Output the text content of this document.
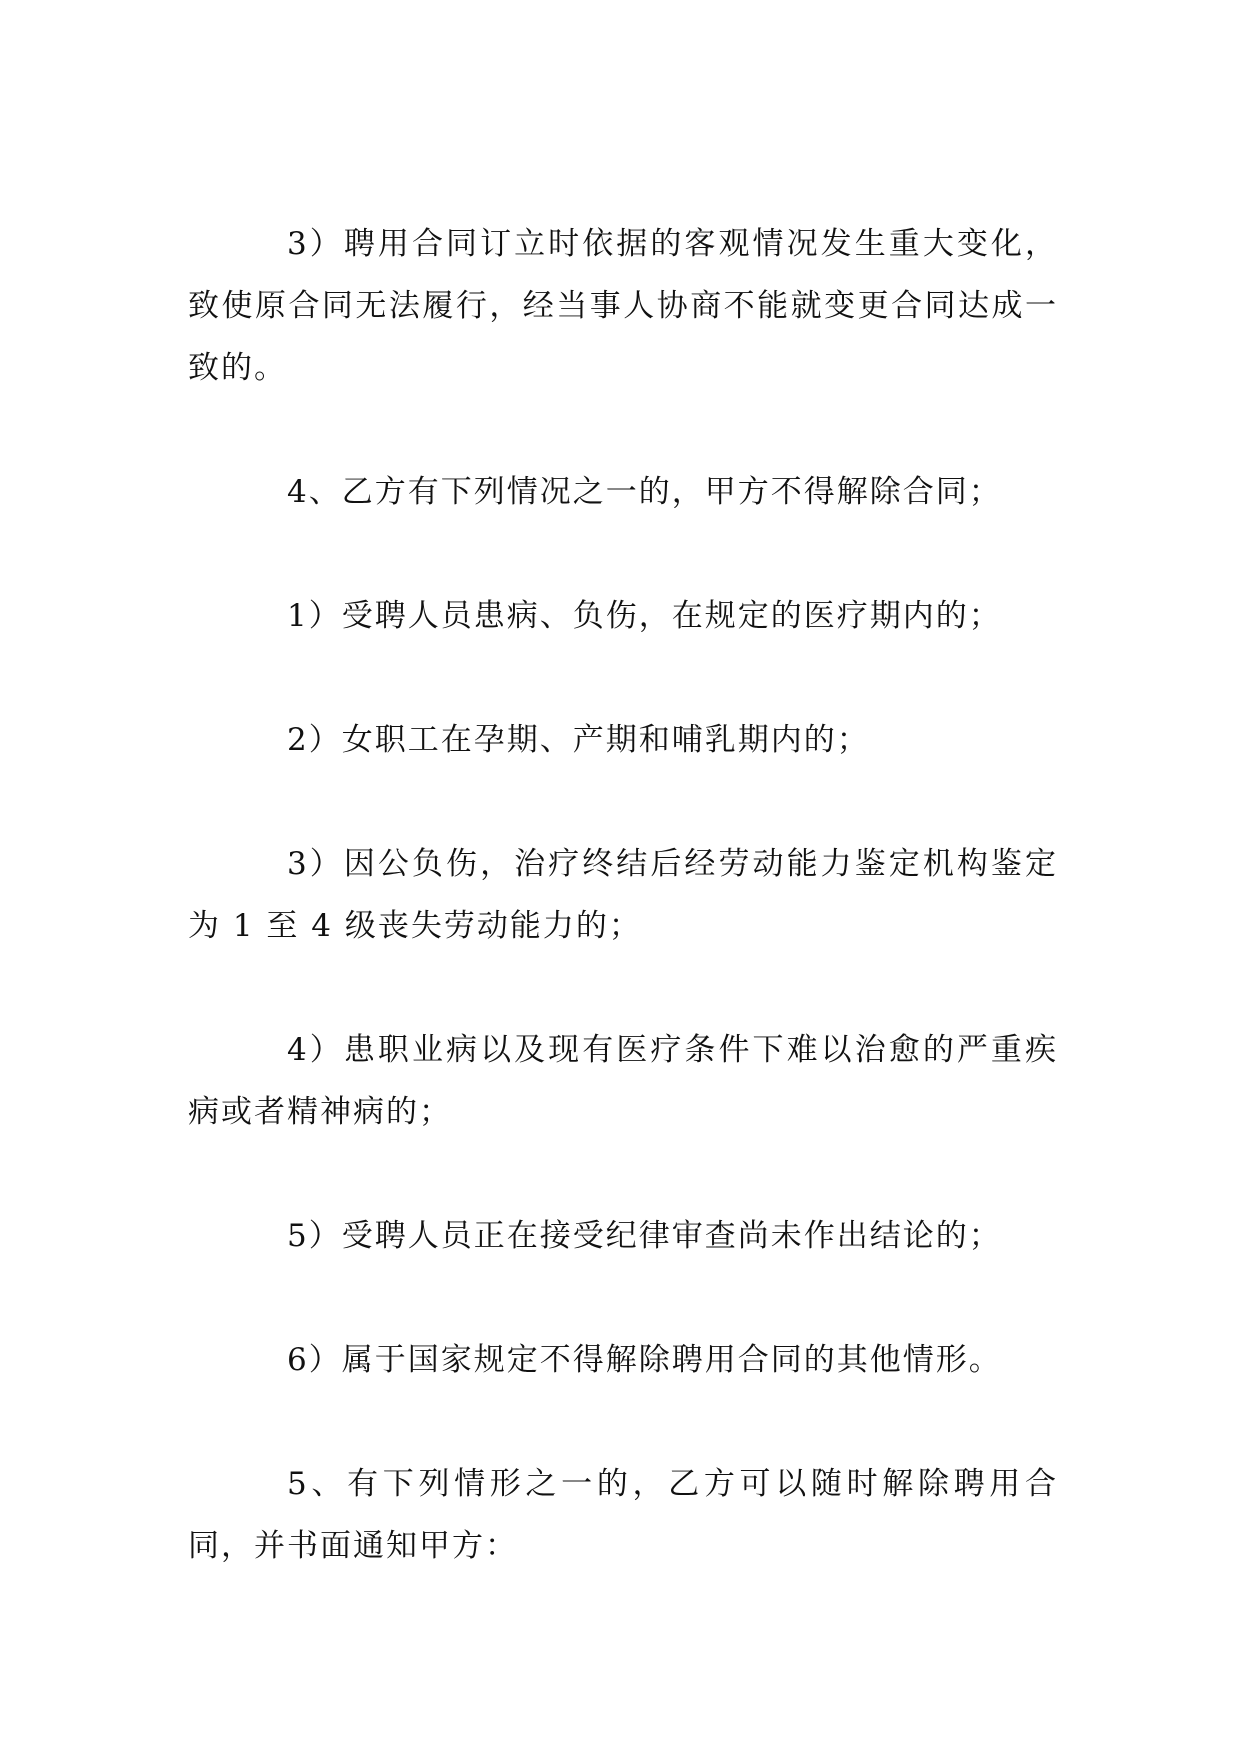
3）聘用合同订立时依据的客观情况发生重大变化，致使原合同无法履行，经当事人协商不能就变更合同达成一致的。

4、乙方有下列情况之一的，甲方不得解除合同；

1）受聘人员患病、负伤，在规定的医疗期内的；

2）女职工在孕期、产期和哺乳期内的；

3）因公负伤，治疗终结后经劳动能力鉴定机构鉴定为 1 至 4 级丧失劳动能力的；

4）患职业病以及现有医疗条件下难以治愈的严重疾病或者精神病的；

5）受聘人员正在接受纪律审查尚未作出结论的；

6）属于国家规定不得解除聘用合同的其他情形。

5、有下列情形之一的，乙方可以随时解除聘用合同，并书面通知甲方：
